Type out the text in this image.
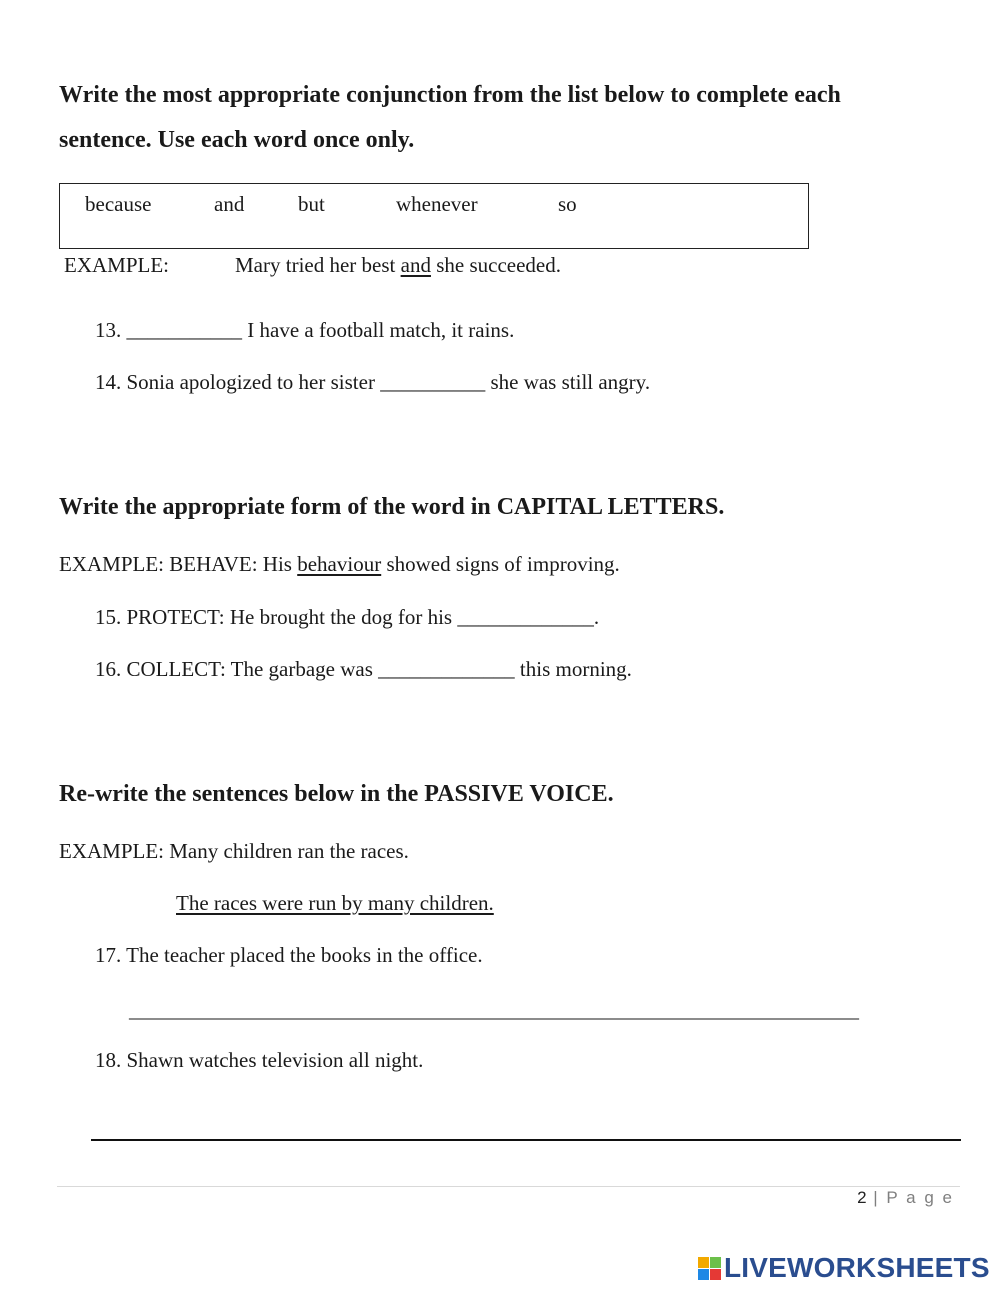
Write the most appropriate conjunction from the list below to complete each
sentence. Use each word once only.
because	and	but	whenever	so
EXAMPLE:	Mary tried her best and she succeeded.
13. ___________ I have a football match, it rains.
14. Sonia apologized to her sister __________ she was still angry.
Write the appropriate form of the word in CAPITAL LETTERS.
EXAMPLE: BEHAVE: His behaviour showed signs of improving.
15. PROTECT: He brought the dog for his _____________.
16. COLLECT: The garbage was _____________ this morning.
Re-write the sentences below in the PASSIVE VOICE.
EXAMPLE: Many children ran the races.
The races were run by many children.
17. The teacher placed the books in the office.
_________________________________________________________________________
18. Shawn watches television all night.
2 | P a g e
LIVEWORKSHEETS
